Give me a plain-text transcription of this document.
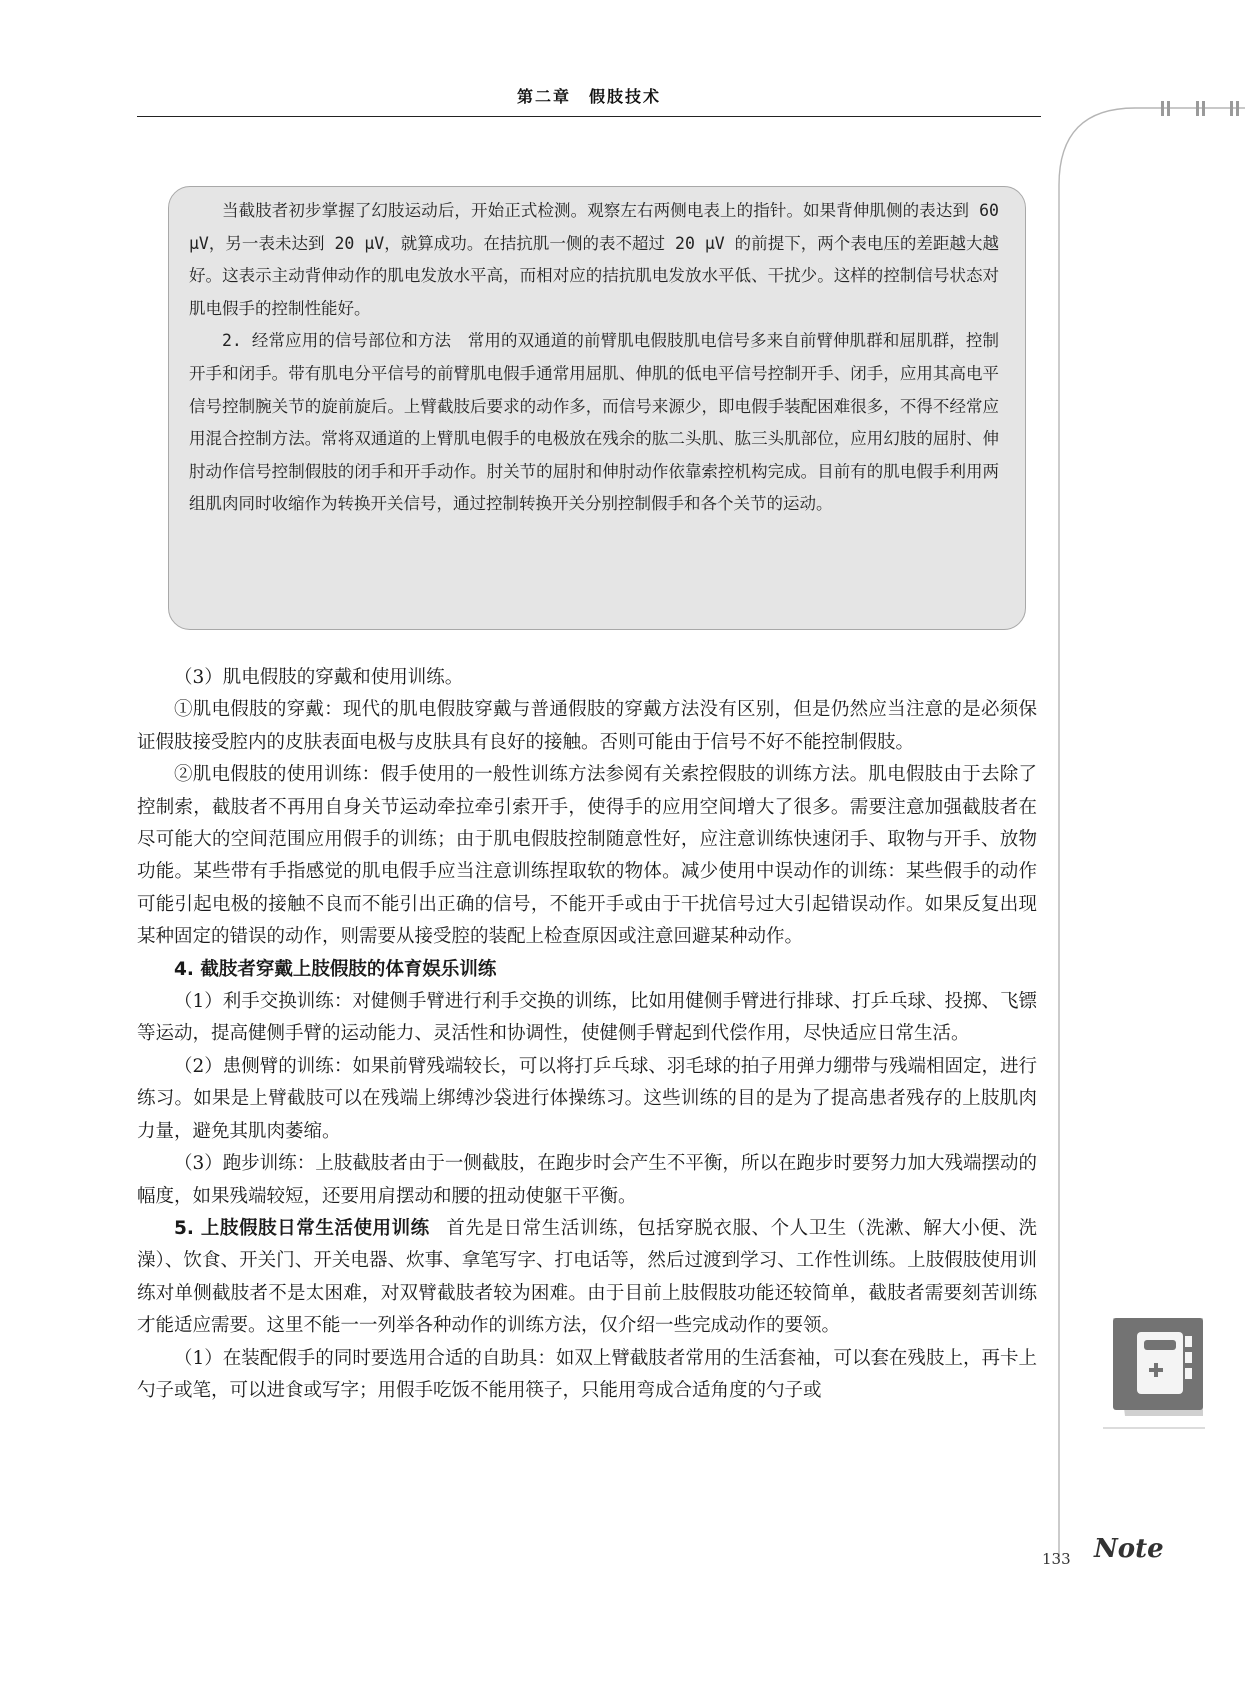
第二章　假肢技术

当截肢者初步掌握了幻肢运动后，开始正式检测。观察左右两侧电表上的指针。如果背伸肌侧的表达到 60 μV，另一表未达到 20 μV，就算成功。在拮抗肌一侧的表不超过 20 μV 的前提下，两个表电压的差距越大越好。这表示主动背伸动作的肌电发放水平高，而相对应的拮抗肌电发放水平低、干扰少。这样的控制信号状态对肌电假手的控制性能好。

2. 经常应用的信号部位和方法　常用的双通道的前臂肌电假肢肌电信号多来自前臂伸肌群和屈肌群，控制开手和闭手。带有肌电分平信号的前臂肌电假手通常用屈肌、伸肌的低电平信号控制开手、闭手，应用其高电平信号控制腕关节的旋前旋后。上臂截肢后要求的动作多，而信号来源少，即电假手装配困难很多，不得不经常应用混合控制方法。常将双通道的上臂肌电假手的电极放在残余的肱二头肌、肱三头肌部位，应用幻肢的屈肘、伸肘动作信号控制假肢的闭手和开手动作。肘关节的屈肘和伸肘动作依靠索控机构完成。目前有的肌电假手利用两组肌肉同时收缩作为转换开关信号，通过控制转换开关分别控制假手和各个关节的运动。

（3）肌电假肢的穿戴和使用训练。

①肌电假肢的穿戴：现代的肌电假肢穿戴与普通假肢的穿戴方法没有区别，但是仍然应当注意的是必须保证假肢接受腔内的皮肤表面电极与皮肤具有良好的接触。否则可能由于信号不好不能控制假肢。

②肌电假肢的使用训练：假手使用的一般性训练方法参阅有关索控假肢的训练方法。肌电假肢由于去除了控制索，截肢者不再用自身关节运动牵拉牵引索开手，使得手的应用空间增大了很多。需要注意加强截肢者在尽可能大的空间范围应用假手的训练；由于肌电假肢控制随意性好，应注意训练快速闭手、取物与开手、放物功能。某些带有手指感觉的肌电假手应当注意训练捏取软的物体。减少使用中误动作的训练：某些假手的动作可能引起电极的接触不良而不能引出正确的信号，不能开手或由于干扰信号过大引起错误动作。如果反复出现某种固定的错误的动作，则需要从接受腔的装配上检查原因或注意回避某种动作。

4. 截肢者穿戴上肢假肢的体育娱乐训练

（1）利手交换训练：对健侧手臂进行利手交换的训练，比如用健侧手臂进行排球、打乒乓球、投掷、飞镖等运动，提高健侧手臂的运动能力、灵活性和协调性，使健侧手臂起到代偿作用，尽快适应日常生活。

（2）患侧臂的训练：如果前臂残端较长，可以将打乒乓球、羽毛球的拍子用弹力绷带与残端相固定，进行练习。如果是上臂截肢可以在残端上绑缚沙袋进行体操练习。这些训练的目的是为了提高患者残存的上肢肌肉力量，避免其肌肉萎缩。

（3）跑步训练：上肢截肢者由于一侧截肢，在跑步时会产生不平衡，所以在跑步时要努力加大残端摆动的幅度，如果残端较短，还要用肩摆动和腰的扭动使躯干平衡。

5. 上肢假肢日常生活使用训练 首先是日常生活训练，包括穿脱衣服、个人卫生（洗漱、解大小便、洗澡）、饮食、开关门、开关电器、炊事、拿笔写字、打电话等，然后过渡到学习、工作性训练。上肢假肢使用训练对单侧截肢者不是太困难，对双臂截肢者较为困难。由于目前上肢假肢功能还较简单，截肢者需要刻苦训练才能适应需要。这里不能一一列举各种动作的训练方法，仅介绍一些完成动作的要领。

（1）在装配假手的同时要选用合适的自助具：如双上臂截肢者常用的生活套袖，可以套在残肢上，再卡上勺子或笔，可以进食或写字；用假手吃饭不能用筷子，只能用弯成合适角度的勺子或

Note
133
